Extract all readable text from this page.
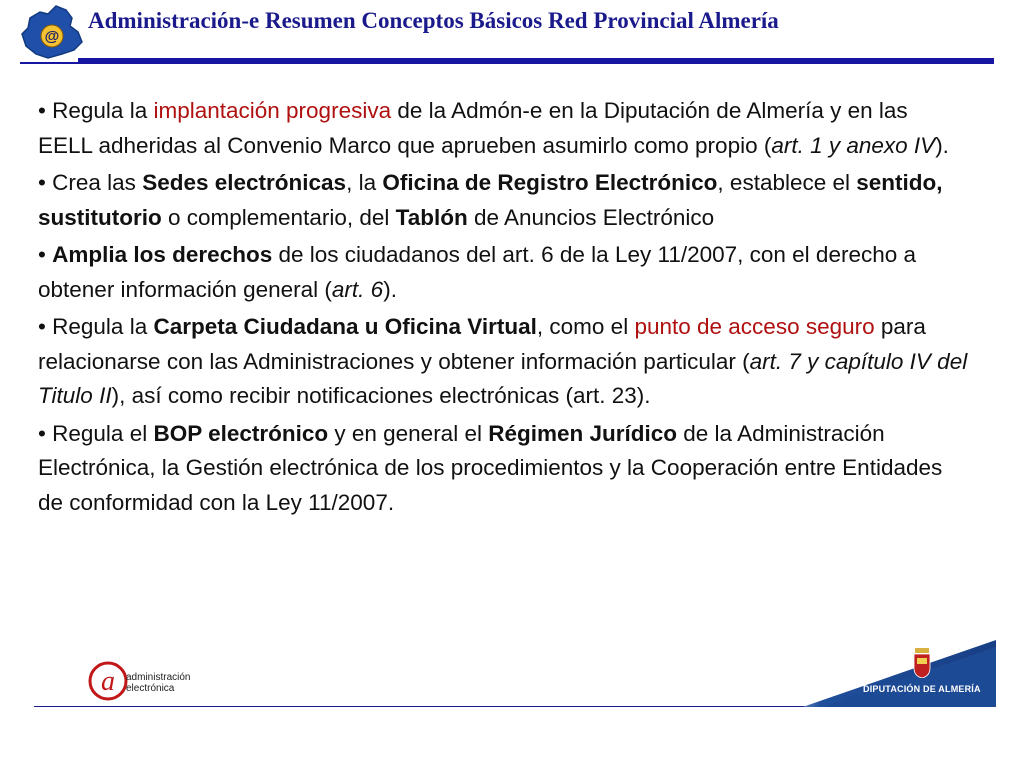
@
Administración-e Resumen Conceptos Básicos Red Provincial Almería

• Regula la implantación progresiva de la Admón-e en la Diputación de Almería y en las EELL adheridas al Convenio Marco que aprueben asumirlo como propio (art. 1 y anexo IV).

• Crea las Sedes electrónicas, la Oficina de Registro Electrónico, establece el sentido, sustitutorio o complementario, del Tablón de Anuncios Electrónico

• Amplia los derechos de los ciudadanos del art. 6 de la Ley 11/2007, con el derecho a obtener información general (art. 6).

• Regula la Carpeta Ciudadana u Oficina Virtual, como el punto de acceso seguro para relacionarse con las Administraciones y obtener información particular (art. 7 y capítulo IV del Titulo II), así como recibir notificaciones electrónicas (art. 23).

• Regula el BOP electrónico y en general el Régimen Jurídico de la Administración Electrónica, la Gestión electrónica de los procedimientos y la Cooperación entre Entidades de conformidad con la Ley 11/2007.

a administración
electrónica	DIPUTACIÓN DE ALMERÍA
